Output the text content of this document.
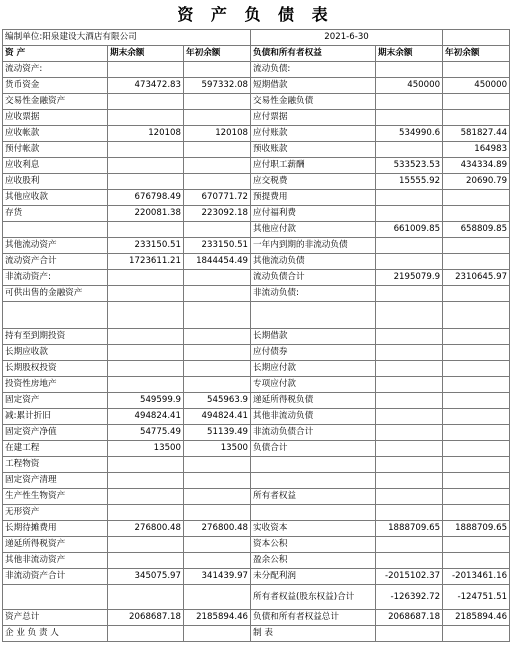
资 产 负 债 表
编制单位:阳泉建设大酒店有限公司			2021-6-30		
资 产	期末余额	年初余额	负债和所有者权益	期末余额	年初余额
流动资产:			流动负债:		
货币资金	473472.83	597332.08	短期借款	450000	450000
交易性金融资产			交易性金融负债		
应收票据			应付票据		
应收帐款	120108	120108	应付账款	534990.6	581827.44
预付帐款			预收账款		164983
应收利息			应付职工薪酬	533523.53	434334.89
应收股利			应交税费	15555.92	20690.79
其他应收款	676798.49	670771.72	预提费用		
存货	220081.38	223092.18	应付福利费		
			其他应付款	661009.85	658809.85
其他流动资产	233150.51	233150.51	一年内到期的非流动负债		
流动资产合计	1723611.21	1844454.49	其他流动负债		
非流动资产:			流动负债合计	2195079.9	2310645.97
可供出售的金融资产			非流动负债:		

持有至到期投资			长期借款		
长期应收款			应付债券		
长期股权投资			长期应付款		
投资性房地产			专项应付款		
固定资产	549599.9	545963.9	递延所得税负债		
减:累计折旧	494824.41	494824.41	其他非流动负债		
固定资产净值	54775.49	51139.49	非流动负债合计		
在建工程	13500	13500	负债合计		
工程物资					
固定资产清理					
生产性生物资产			所有者权益		
无形资产					
长期待摊费用	276800.48	276800.48	实收资本	1888709.65	1888709.65
递延所得税资产			资本公积		
其他非流动资产			盈余公积		
非流动资产合计	345075.97	341439.97	未分配利润	-2015102.37	-2013461.16
			所有者权益(股东权益)合计	-126392.72	-124751.51
资产总计	2068687.18	2185894.46	负债和所有者权益总计	2068687.18	2185894.46
企 业 负 责 人			制 表		
